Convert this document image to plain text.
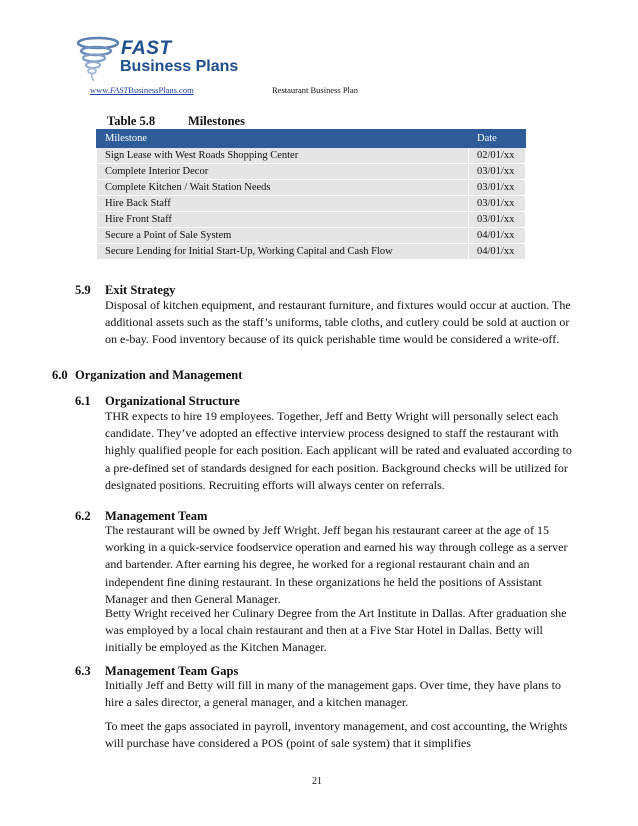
FAST
Business Plans
www.FASTBusinessPlans.com	Restaurant Business Plan
Table 5.8	Milestones
Milestone	Date
Sign Lease with West Roads Shopping Center	02/01/xx
Complete Interior Decor	03/01/xx
Complete Kitchen / Wait Station Needs	03/01/xx
Hire Back Staff	03/01/xx
Hire Front Staff	03/01/xx
Secure a Point of Sale System	04/01/xx
Secure Lending for Initial Start-Up, Working Capital and Cash Flow	04/01/xx
5.9 Exit Strategy
Disposal of kitchen equipment, and restaurant furniture, and fixtures would occur at auction. The additional assets such as the staff’s uniforms, table cloths, and cutlery could be sold at auction or on e-bay. Food inventory because of its quick perishable time would be considered a write-off.
6.0 Organization and Management
6.1 Organizational Structure
THR expects to hire 19 employees. Together, Jeff and Betty Wright will personally select each candidate. They’ve adopted an effective interview process designed to staff the restaurant with highly qualified people for each position. Each applicant will be rated and evaluated according to a pre-defined set of standards designed for each position. Background checks will be utilized for designated positions. Recruiting efforts will always center on referrals.
6.2 Management Team
The restaurant will be owned by Jeff Wright. Jeff began his restaurant career at the age of 15 working in a quick-service foodservice operation and earned his way through college as a server and bartender. After earning his degree, he worked for a regional restaurant chain and an independent fine dining restaurant. In these organizations he held the positions of Assistant Manager and then General Manager.
Betty Wright received her Culinary Degree from the Art Institute in Dallas. After graduation she was employed by a local chain restaurant and then at a Five Star Hotel in Dallas. Betty will initially be employed as the Kitchen Manager.
6.3 Management Team Gaps
Initially Jeff and Betty will fill in many of the management gaps. Over time, they have plans to hire a sales director, a general manager, and a kitchen manager.
To meet the gaps associated in payroll, inventory management, and cost accounting, the Wrights will purchase have considered a POS (point of sale system) that it simplifies
21
